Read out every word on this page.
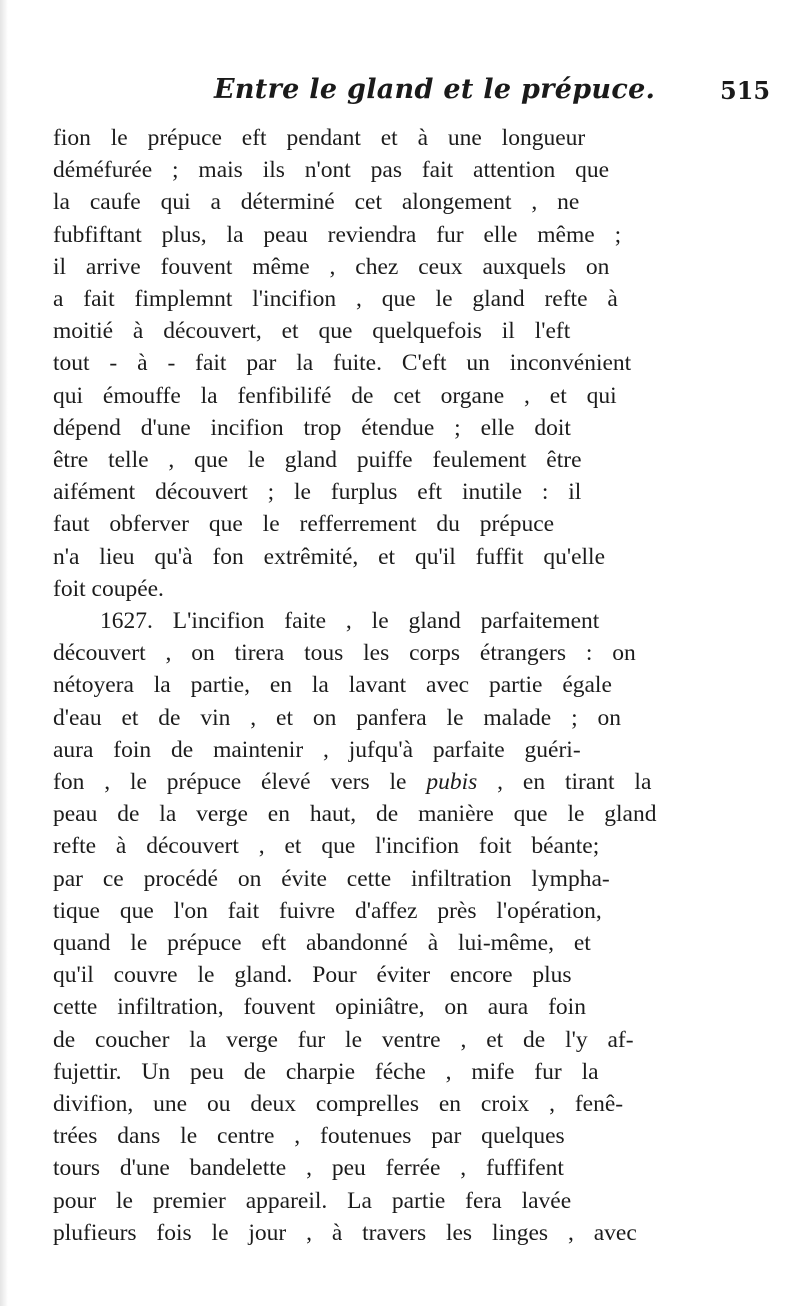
Entre le gland et le prépuce.	515
fion le prépuce eft pendant et à une longueur
déméfurée ; mais ils n'ont pas fait attention que
la caufe qui a déterminé cet alongement , ne
fubfiftant plus, la peau reviendra fur elle même ;
il arrive fouvent même , chez ceux auxquels on
a fait fimplemnt l'incifion , que le gland refte à
moitié à découvert, et que quelquefois il l'eft
tout - à - fait par la fuite. C'eft un inconvénient
qui émouffe la fenfibilifé de cet organe , et qui
dépend d'une incifion trop étendue ; elle doit
être telle , que le gland puiffe feulement être
aifément découvert ; le furplus eft inutile : il
faut obferver que le refferrement du prépuce
n'a lieu qu'à fon extrêmité, et qu'il fuffit qu'elle
foit coupée.
1627. L'incifion faite , le gland parfaitement
découvert , on tirera tous les corps étrangers : on
nétoyera la partie, en la lavant avec partie égale
d'eau et de vin , et on panfera le malade ; on
aura foin de maintenir , jufqu'à parfaite guéri-
fon , le prépuce élevé vers le pubis , en tirant la
peau de la verge en haut, de manière que le gland
refte à découvert , et que l'incifion foit béante;
par ce procédé on évite cette infiltration lympha-
tique que l'on fait fuivre d'affez près l'opération,
quand le prépuce eft abandonné à lui-même, et
qu'il couvre le gland. Pour éviter encore plus
cette infiltration, fouvent opiniâtre, on aura foin
de coucher la verge fur le ventre , et de l'y af-
fujettir. Un peu de charpie féche , mife fur la
divifion, une ou deux comprelles en croix , fenê-
trées dans le centre , foutenues par quelques
tours d'une bandelette , peu ferrée , fuffifent
pour le premier appareil. La partie fera lavée
plufieurs fois le jour , à travers les linges , avec
